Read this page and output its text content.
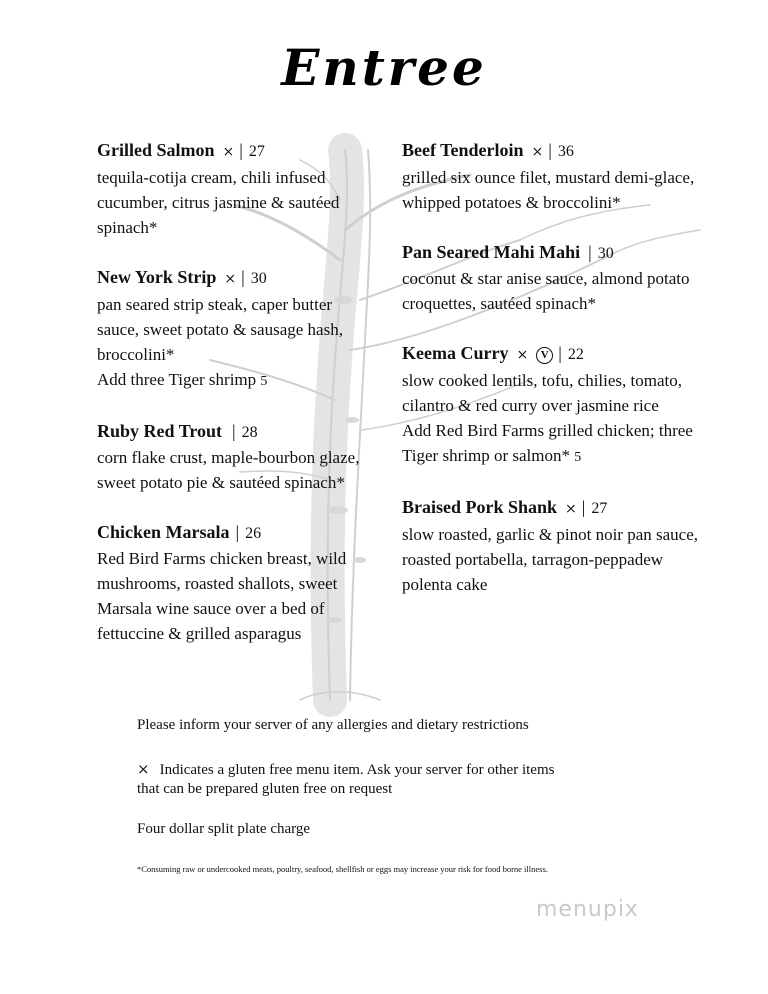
Entree
Grilled Salmon ⨯ | 27
tequila-cotija cream, chili infused cucumber, citrus jasmine & sautéed spinach*
New York Strip ⨯ | 30
pan seared strip steak, caper butter sauce, sweet potato & sausage hash, broccolini*
Add three Tiger shrimp 5
Ruby Red Trout | 28
corn flake crust, maple-bourbon glaze, sweet potato pie & sautéed spinach*
Chicken Marsala | 26
Red Bird Farms chicken breast, wild mushrooms, roasted shallots, sweet Marsala wine sauce over a bed of fettuccine & grilled asparagus
Beef Tenderloin ⨯ | 36
grilled six ounce filet, mustard demi-glace, whipped potatoes & broccolini*
Pan Seared Mahi Mahi | 30
coconut & star anise sauce, almond potato croquettes, sautéed spinach*
Keema Curry ⨯ V | 22
slow cooked lentils, tofu, chilies, tomato, cilantro & red curry over jasmine rice
Add Red Bird Farms grilled chicken; three Tiger shrimp or salmon* 5
Braised Pork Shank ⨯ | 27
slow roasted, garlic & pinot noir pan sauce, roasted portabella, tarragon-peppadew polenta cake
Please inform your server of any allergies and dietary restrictions
⨯ Indicates a gluten free menu item. Ask your server for other items
that can be prepared gluten free on request
Four dollar split plate charge
*Consuming raw or undercooked meats, poultry, seafood, shellfish or eggs may increase your risk for food borne illness.
menupix
